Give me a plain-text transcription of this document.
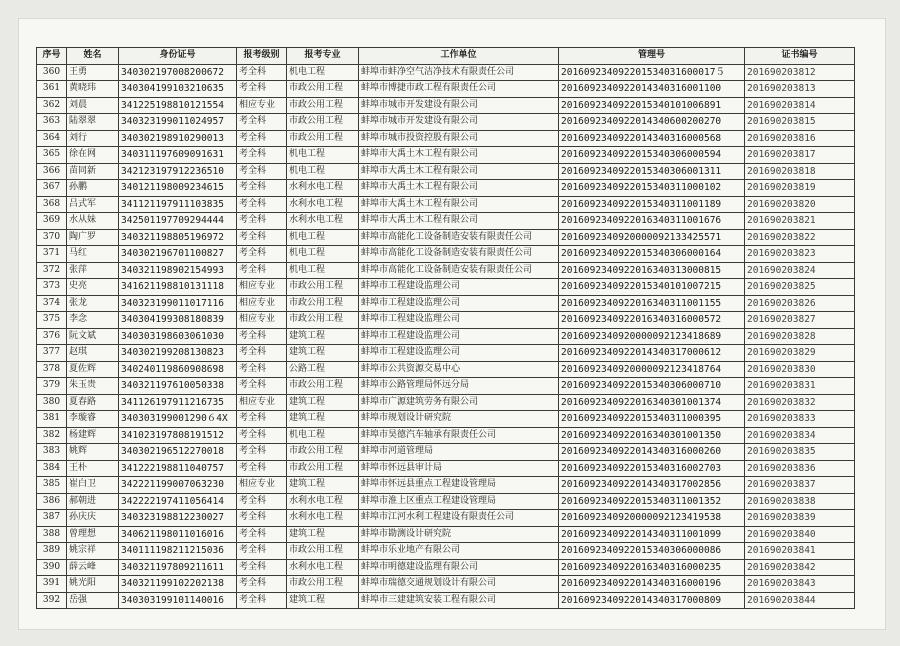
序号	姓名	身份证号	报考级别	报考专业	工作单位	管理号	证书编号
360	王勇	340302197008200672	考全科	机电工程	蚌埠市蚌净空气洁净技术有限责任公司	201609234092201534031600017５	201690203812
361	黄晓玮	340304199103210635	考全科	市政公用工程	蚌埠市博捷市政工程有限责任公司	2016092340922014340316001100	201690203813
362	刘晨	341225198810121554	相应专业	市政公用工程	蚌埠市城市开发建设有限公司	2016092340922015340101006891	201690203814
363	陆翠翠	340323199011024957	考全科	市政公用工程	蚌埠市城市开发建设有限公司	2016092340922014340600200270	201690203815
364	刘行	340302198910290013	考全科	市政公用工程	蚌埠市城市投资控股有限公司	2016092340922014340316000568	201690203816
365	徐在网	340311197609091631	考全科	机电工程	蚌埠市大禹土木工程有限公司	2016092340922015340306000594	201690203817
366	苗同新	342123197912236510	考全科	机电工程	蚌埠市大禹土木工程有限公司	2016092340922015340306001311	201690203818
367	孙鹏	340121198009234615	考全科	水利水电工程	蚌埠市大禹土木工程有限公司	2016092340922015340311000102	201690203819
368	吕式军	341121197911103835	考全科	水利水电工程	蚌埠市大禹土木工程有限公司	2016092340922015340311001189	201690203820
369	水从妹	342501197709294444	考全科	水利水电工程	蚌埠市大禹土木工程有限公司	2016092340922016340311001676	201690203821
370	陶广罗	340321198805196972	考全科	机电工程	蚌埠市高能化工设备制造安装有限责任公司	2016092340920000092133425571	201690203822
371	马红	340302196701100827	考全科	机电工程	蚌埠市高能化工设备制造安装有限责任公司	2016092340922015340306000164	201690203823
372	张萍	340321198902154993	考全科	机电工程	蚌埠市高能化工设备制造安装有限责任公司	2016092340922016340313000815	201690203824
373	史亮	341621198810131118	相应专业	市政公用工程	蚌埠市工程建设监理公司	2016092340922015340101007215	201690203825
374	张龙	340323199011017116	相应专业	市政公用工程	蚌埠市工程建设监理公司	2016092340922016340311001155	201690203826
375	李念	340304199308180839	相应专业	市政公用工程	蚌埠市工程建设监理公司	2016092340922016340316000572	201690203827
376	阮文斌	340303198603061030	考全科	建筑工程	蚌埠市工程建设监理公司	2016092340920000092123418689	201690203828
377	赵琪	340302199208130823	考全科	建筑工程	蚌埠市工程建设监理公司	2016092340922014340317000612	201690203829
378	夏佐辉	340240119860908698	考全科	公路工程	蚌埠市公共资源交易中心	2016092340920000092123418764	201690203830
379	朱玉贵	340321197610050338	考全科	市政公用工程	蚌埠市公路管理局怀远分局	2016092340922015340306000710	201690203831
380	夏春路	341126197911216735	相应专业	建筑工程	蚌埠市广源建筑劳务有限公司	2016092340922016340301001374	201690203832
381	李璇睿	340303199001290６4X	考全科	建筑工程	蚌埠市规划设计研究院	2016092340922015340311000395	201690203833
382	杨建辉	341023197808191512	考全科	机电工程	蚌埠市昊德汽车轴承有限责任公司	2016092340922016340301001350	201690203834
383	姚辉	340302196512270018	考全科	市政公用工程	蚌埠市河道管理局	2016092340922014340316000260	201690203835
384	王朴	341222198811040757	考全科	市政公用工程	蚌埠市怀远县审计局	2016092340922015340316002703	201690203836
385	崔白卫	342221199007063230	相应专业	建筑工程	蚌埠市怀远县重点工程建设管理局	2016092340922014340317002856	201690203837
386	郝朝进	342222197411056414	考全科	水利水电工程	蚌埠市淮上区重点工程建设管理局	2016092340922015340311001352	201690203838
387	孙庆庆	340323198812230027	考全科	水利水电工程	蚌埠市江河水利工程建设有限责任公司	2016092340920000092123419538	201690203839
388	曾理想	340621198011016016	考全科	建筑工程	蚌埠市勘测设计研究院	2016092340922014340311001099	201690203840
389	姚宗祥	340111198211215036	考全科	市政公用工程	蚌埠市乐业地产有限公司	2016092340922015340306000086	201690203841
390	薛云峰	340321197809211611	考全科	水利水电工程	蚌埠市明德建设监理有限公司	2016092340922016340316000235	201690203842
391	姚光阳	340321199102202138	考全科	市政公用工程	蚌埠市瑞德交通规划设计有限公司	2016092340922014340316000196	201690203843
392	岳强	340303199101140016	考全科	建筑工程	蚌埠市三建建筑安装工程有限公司	2016092340922014340317000809	201690203844
